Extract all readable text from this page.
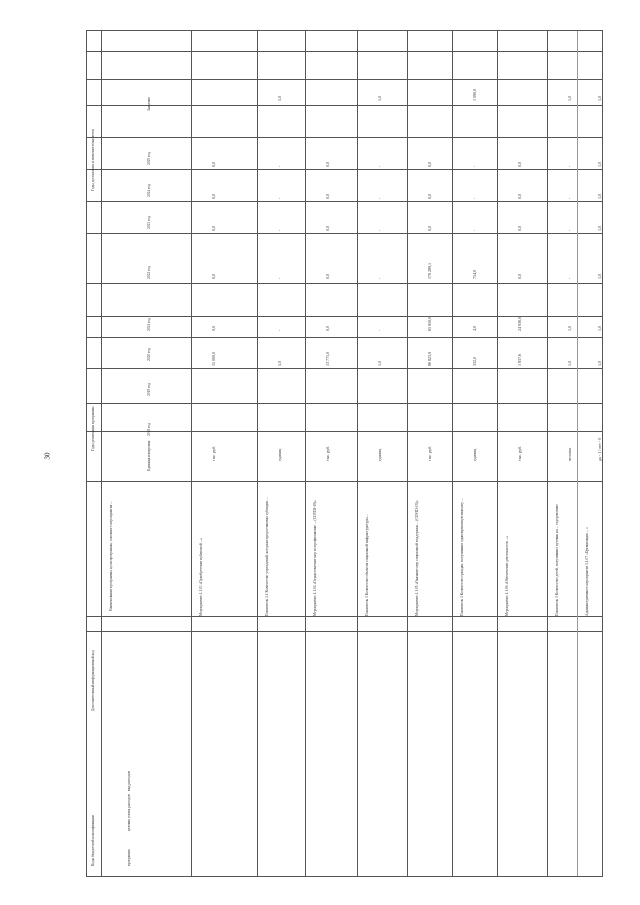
30
Годы достижения и значение показателя
Значение
Годы реализации программы
Единица измерения
2018 год
2019 год
2020 год
2021 год
2022 год
2023 год
2024 год
2025 год
Наименование программы, цели программы, основного мероприятия ...
Коды бюджетной классификации
Дополнительный информационный код
программа
целевая статья расходов
вид расходов
Мероприятие 1.1.03 «Приобретение публичной ...»
тыс. руб.
15 000,0
0,0
0,0
0,0
0,0
0,0
Показатель 1.1 Количество учреждений, которым предоставлены субсидии ...
единиц
5,0
-
-
-
-
-
5,0
Мероприятие 1.1.04 «Осуществление мер по профилактике ... (COVID-19)»
тыс. руб.
13 775,0
0,0
0,0
0,0
0,0
0,0
Показатель 1 Количество объектов социальной инфраструктуры ...
единиц
1,0
-
-
-
-
-
1,0
Мероприятие 1.1.05 «Оказание мер социальной поддержки ... (COVID-19)»
тыс. руб.
86 823,9
65 950,0
179 289,1
0,0
0,0
0,0
Показатель 1 Количество граждан, получивших единовременную выплату ...
единиц
332,0
4,0
754,0
-
-
-
1 090,0
Мероприятие 1.1.06 «Обеспечение деятельности ...»
тыс. руб.
1 837,6
24 936,0
0,0
0,0
0,0
0,0
Показатель 1 Количество детей, получивших путевки на ... оздоровление
человек
1,0
1,0
-
-
-
-
1,0
Административное мероприятие 1.1.07 «Организация ... »
да - 1 / нет - 0
1,0
1,0
1,0
1,0
1,0
1,0
1,0
